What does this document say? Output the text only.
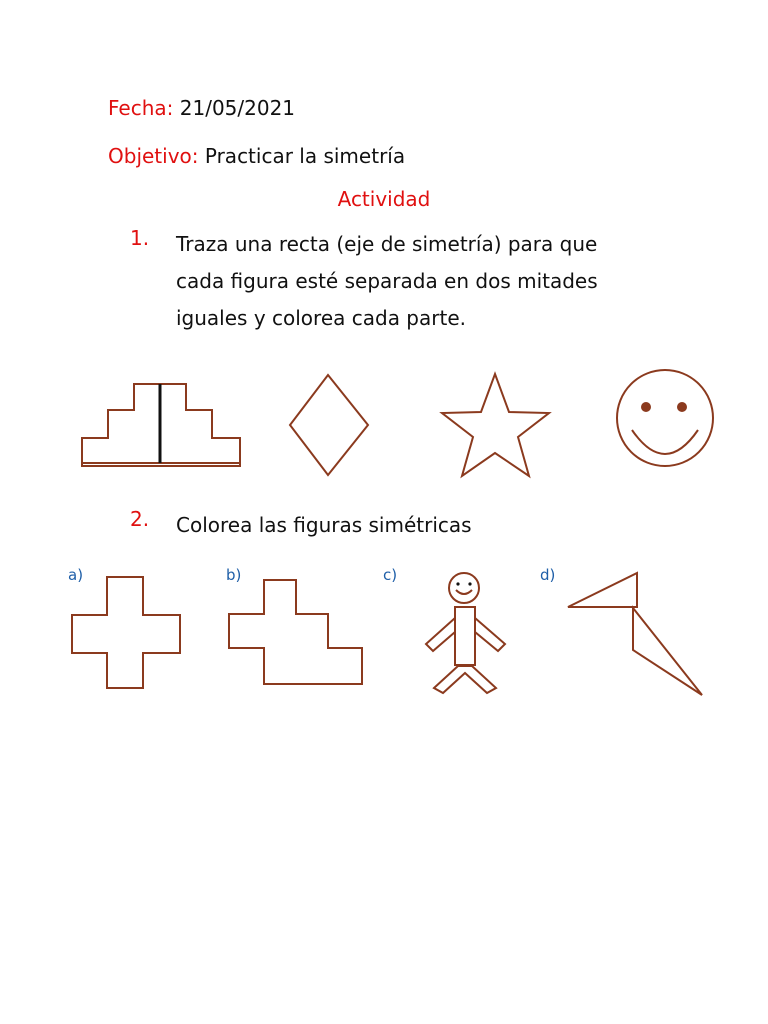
Fecha: 21/05/2021
Objetivo: Practicar la simetría
Actividad
1. Traza una recta (eje de simetría) para que
cada figura esté separada en dos mitades
iguales y colorea cada parte.
2. Colorea las figuras simétricas
a)	b)	c)	d)
